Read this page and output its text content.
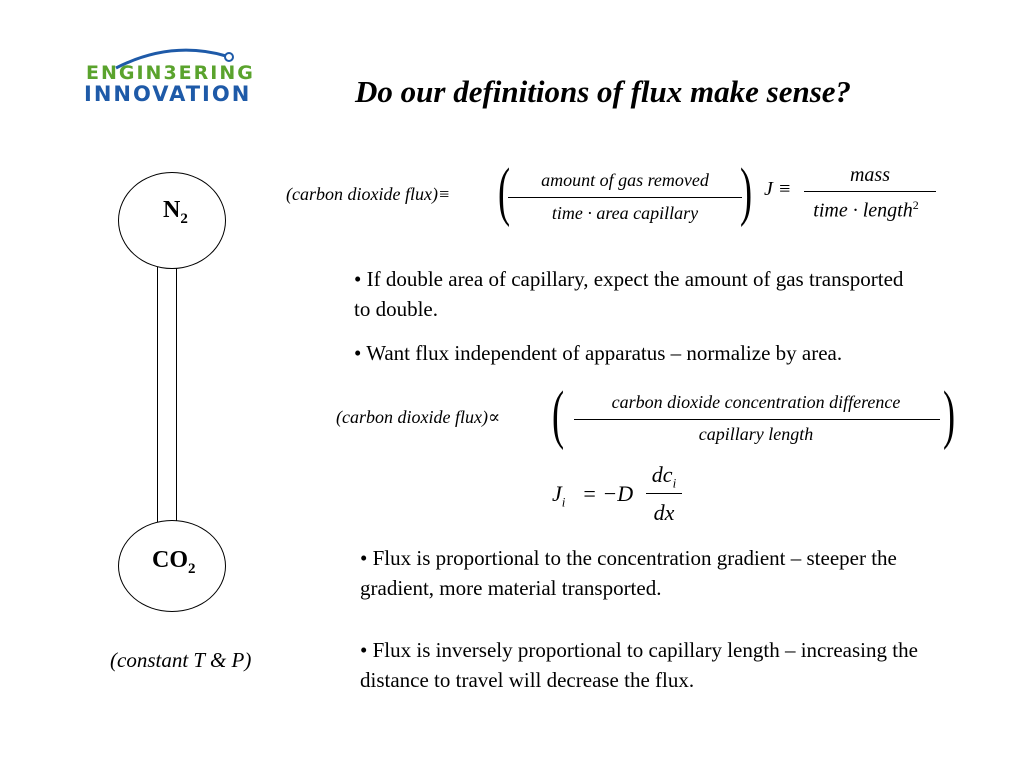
ENGIN3ERING
INNOVATION	Do our definitions of flux make sense?
$N_2$
$CO_2$
(constant T & P)
(carbon dioxide flux)≡ (	amount of gas removed
time · area capillary ) J ≡
mass
time · length$^2$
• If double area of capillary, expect the amount of gas transported to double.
• Want flux independent of apparatus – normalize by area.
(carbon dioxide flux)∝ (	carbon dioxide concentration difference
capillary length	)
$J_i = -D$
$dc_i$
dx
• Flux is proportional to the concentration gradient – steeper the gradient, more material transported.
• Flux is inversely proportional to capillary length – increasing the distance to travel will decrease the flux.
